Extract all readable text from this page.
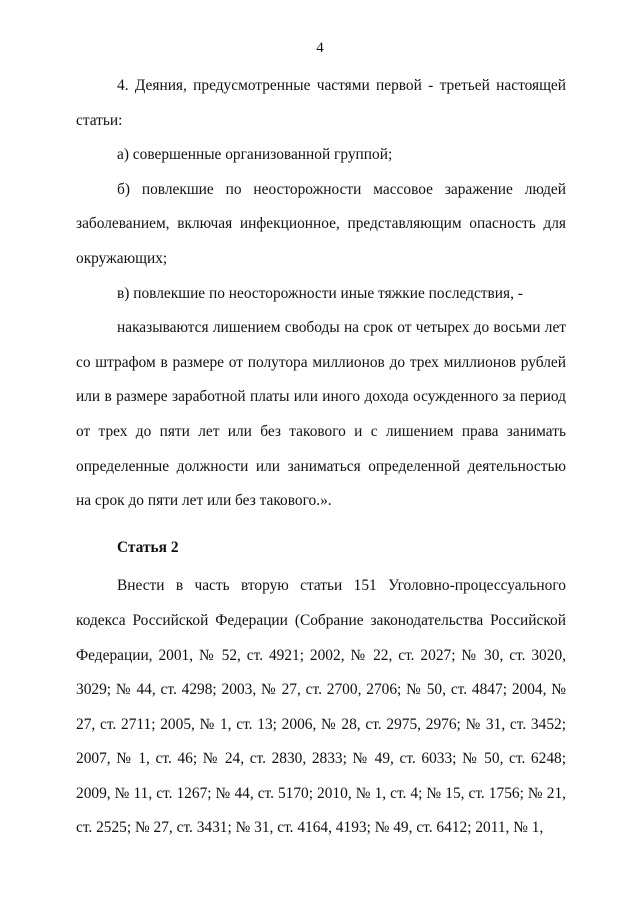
4

4. Деяния, предусмотренные частями первой - третьей настоящей статьи:

а) совершенные организованной группой;

б) повлекшие по неосторожности массовое заражение людей заболеванием, включая инфекционное, представляющим опасность для окружающих;

в) повлекшие по неосторожности иные тяжкие последствия, -

наказываются лишением свободы на срок от четырех до восьми лет со штрафом в размере от полутора миллионов до трех миллионов рублей или в размере заработной платы или иного дохода осужденного за период от трех до пяти лет или без такового и с лишением права занимать определенные должности или заниматься определенной деятельностью на срок до пяти лет или без такового.».

Статья 2

Внести в часть вторую статьи 151 Уголовно-процессуального кодекса Российской Федерации (Собрание законодательства Российской Федерации, 2001, № 52, ст. 4921; 2002, № 22, ст. 2027; № 30, ст. 3020, 3029; № 44, ст. 4298; 2003, № 27, ст. 2700, 2706; № 50, ст. 4847; 2004, № 27, ст. 2711; 2005, № 1, ст. 13; 2006, № 28, ст. 2975, 2976; № 31, ст. 3452; 2007, № 1, ст. 46; № 24, ст. 2830, 2833; № 49, ст. 6033; № 50, ст. 6248; 2009, № 11, ст. 1267; № 44, ст. 5170; 2010, № 1, ст. 4; № 15, ст. 1756; № 21, ст. 2525; № 27, ст. 3431; № 31, ст. 4164, 4193; № 49, ст. 6412; 2011, № 1,
